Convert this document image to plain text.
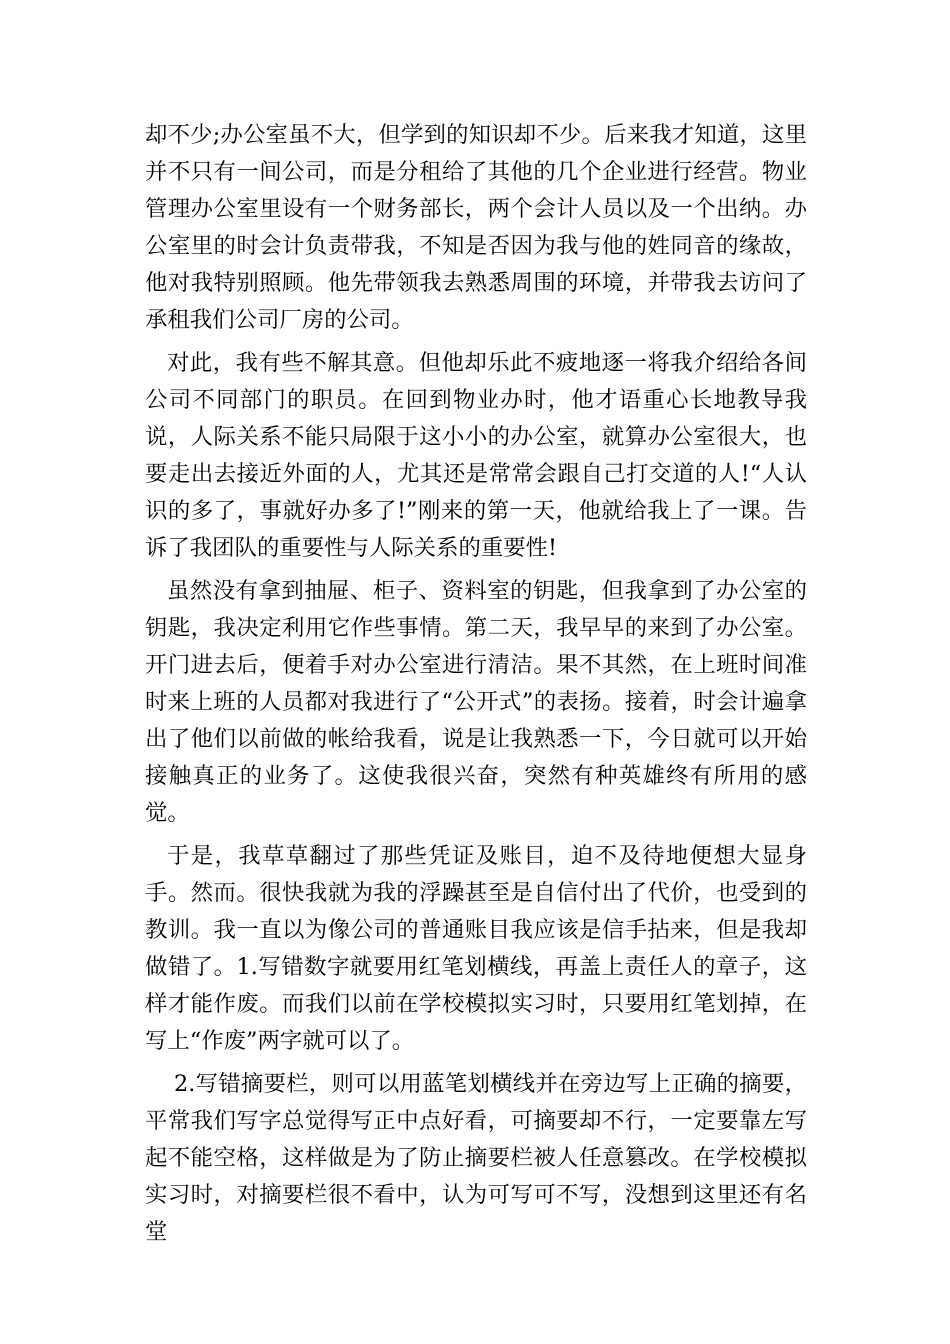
却不少;办公室虽不大，但学到的知识却不少。后来我才知道，这里并不只有一间公司，而是分租给了其他的几个企业进行经营。物业管理办公室里设有一个财务部长，两个会计人员以及一个出纳。办公室里的时会计负责带我，不知是否因为我与他的姓同音的缘故，他对我特别照顾。他先带领我去熟悉周围的环境，并带我去访问了承租我们公司厂房的公司。

对此，我有些不解其意。但他却乐此不疲地逐一将我介绍给各间公司不同部门的职员。在回到物业办时，他才语重心长地教导我说，人际关系不能只局限于这小小的办公室，就算办公室很大，也要走出去接近外面的人，尤其还是常常会跟自己打交道的人!“人认识的多了，事就好办多了!”刚来的第一天，他就给我上了一课。告诉了我团队的重要性与人际关系的重要性!

虽然没有拿到抽屉、柜子、资料室的钥匙，但我拿到了办公室的钥匙，我决定利用它作些事情。第二天，我早早的来到了办公室。开门进去后，便着手对办公室进行清洁。果不其然，在上班时间准时来上班的人员都对我进行了“公开式”的表扬。接着，时会计遍拿出了他们以前做的帐给我看，说是让我熟悉一下，今日就可以开始接触真正的业务了。这使我很兴奋，突然有种英雄终有所用的感觉。

于是，我草草翻过了那些凭证及账目，迫不及待地便想大显身手。然而。很快我就为我的浮躁甚至是自信付出了代价，也受到的教训。我一直以为像公司的普通账目我应该是信手拈来，但是我却做错了。1.写错数字就要用红笔划横线，再盖上责任人的章子，这样才能作废。而我们以前在学校模拟实习时，只要用红笔划掉，在写上“作废”两字就可以了。

2.写错摘要栏，则可以用蓝笔划横线并在旁边写上正确的摘要，平常我们写字总觉得写正中点好看，可摘要却不行，一定要靠左写起不能空格，这样做是为了防止摘要栏被人任意篡改。在学校模拟实习时，对摘要栏很不看中，认为可写可不写，没想到这里还有名堂
